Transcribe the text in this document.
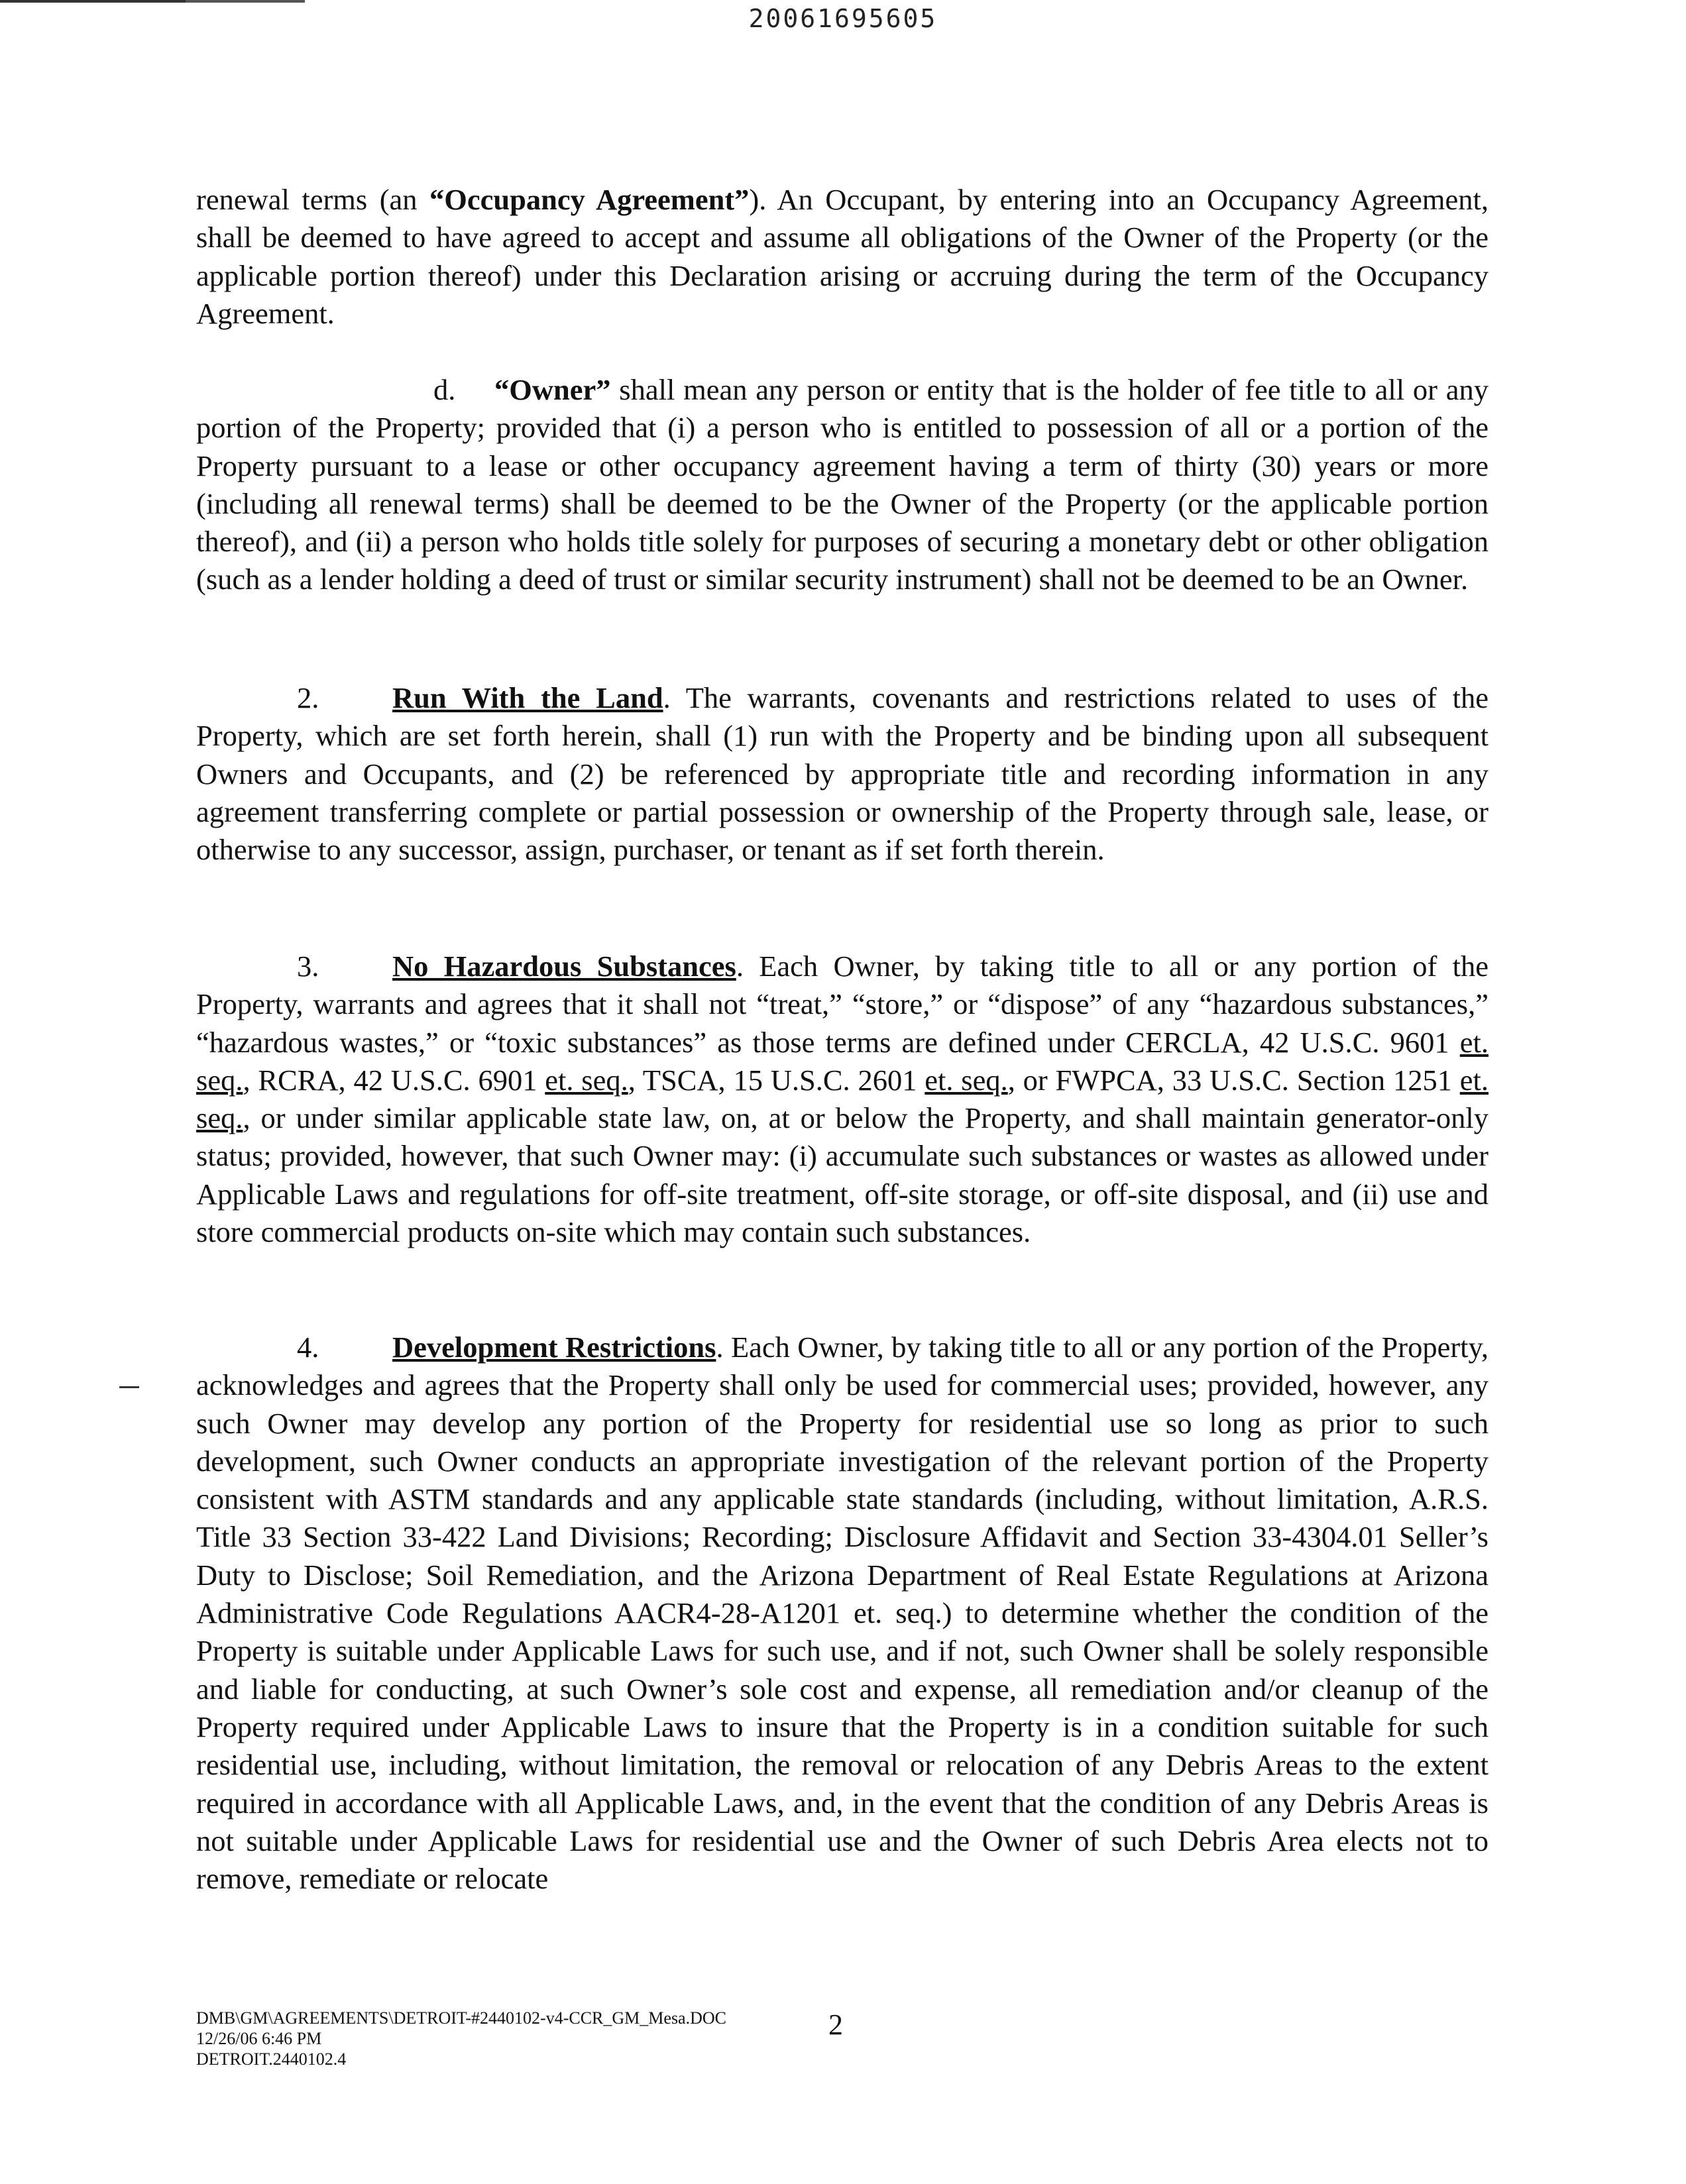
20061695605
renewal terms (an “Occupancy Agreement”). An Occupant, by entering into an Occupancy Agreement, shall be deemed to have agreed to accept and assume all obligations of the Owner of the Property (or the applicable portion thereof) under this Declaration arising or accruing during the term of the Occupancy Agreement.
d. “Owner” shall mean any person or entity that is the holder of fee title to all or any portion of the Property; provided that (i) a person who is entitled to possession of all or a portion of the Property pursuant to a lease or other occupancy agreement having a term of thirty (30) years or more (including all renewal terms) shall be deemed to be the Owner of the Property (or the applicable portion thereof), and (ii) a person who holds title solely for purposes of securing a monetary debt or other obligation (such as a lender holding a deed of trust or similar security instrument) shall not be deemed to be an Owner.
2. Run With the Land. The warrants, covenants and restrictions related to uses of the Property, which are set forth herein, shall (1) run with the Property and be binding upon all subsequent Owners and Occupants, and (2) be referenced by appropriate title and recording information in any agreement transferring complete or partial possession or ownership of the Property through sale, lease, or otherwise to any successor, assign, purchaser, or tenant as if set forth therein.
3. No Hazardous Substances. Each Owner, by taking title to all or any portion of the Property, warrants and agrees that it shall not “treat,” “store,” or “dispose” of any “hazardous substances,” “hazardous wastes,” or “toxic substances” as those terms are defined under CERCLA, 42 U.S.C. 9601 et. seq., RCRA, 42 U.S.C. 6901 et. seq., TSCA, 15 U.S.C. 2601 et. seq., or FWPCA, 33 U.S.C. Section 1251 et. seq., or under similar applicable state law, on, at or below the Property, and shall maintain generator-only status; provided, however, that such Owner may: (i) accumulate such substances or wastes as allowed under Applicable Laws and regulations for off-site treatment, off-site storage, or off-site disposal, and (ii) use and store commercial products on-site which may contain such substances.
4. Development Restrictions. Each Owner, by taking title to all or any portion of the Property, acknowledges and agrees that the Property shall only be used for commercial uses; provided, however, any such Owner may develop any portion of the Property for residential use so long as prior to such development, such Owner conducts an appropriate investigation of the relevant portion of the Property consistent with ASTM standards and any applicable state standards (including, without limitation, A.R.S. Title 33 Section 33-422 Land Divisions; Recording; Disclosure Affidavit and Section 33-4304.01 Seller’s Duty to Disclose; Soil Remediation, and the Arizona Department of Real Estate Regulations at Arizona Administrative Code Regulations AACR4-28-A1201 et. seq.) to determine whether the condition of the Property is suitable under Applicable Laws for such use, and if not, such Owner shall be solely responsible and liable for conducting, at such Owner’s sole cost and expense, all remediation and/or cleanup of the Property required under Applicable Laws to insure that the Property is in a condition suitable for such residential use, including, without limitation, the removal or relocation of any Debris Areas to the extent required in accordance with all Applicable Laws, and, in the event that the condition of any Debris Areas is not suitable under Applicable Laws for residential use and the Owner of such Debris Area elects not to remove, remediate or relocate
DMB\GM\AGREEMENTS\DETROIT-#2440102-v4-CCR_GM_Mesa.DOC
12/26/06 6:46 PM
DETROIT.2440102.4
2
